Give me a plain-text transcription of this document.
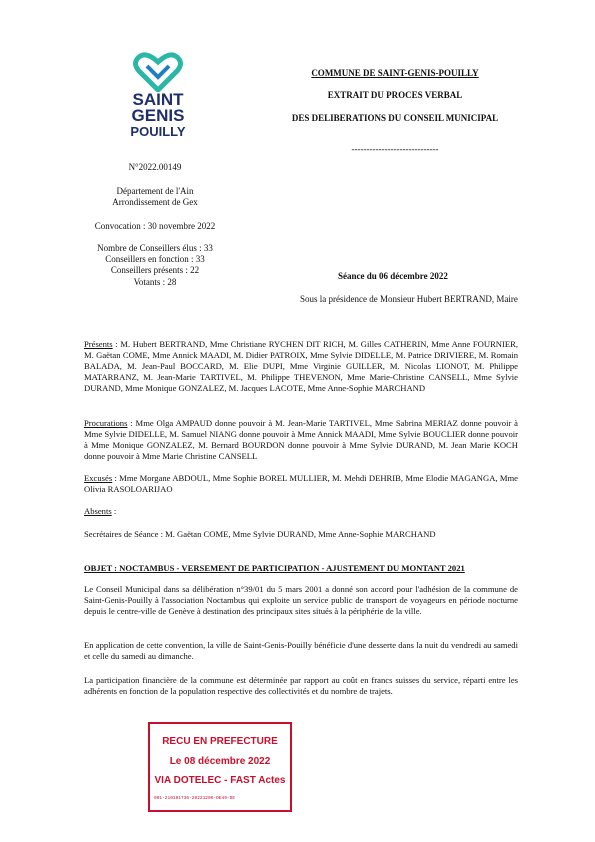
SAINT
GENIS
POUILLY
COMMUNE DE SAINT-GENIS-POUILLY
EXTRAIT DU PROCES VERBAL
DES DELIBERATIONS DU CONSEIL MUNICIPAL
-----------------------------
N°2022.00149
Département de l'Ain
Arrondissement de Gex
Convocation : 30 novembre 2022
Nombre de Conseillers élus : 33
Conseillers en fonction : 33
Conseillers présents : 22
Votants : 28
Séance du 06 décembre 2022
Sous la présidence de Monsieur Hubert BERTRAND, Maire
Présents : M. Hubert BERTRAND, Mme Christiane RYCHEN DIT RICH, M. Gilles CATHERIN, Mme Anne FOURNIER, M. Gaëtan COME, Mme Annick MAADI, M. Didier PATROIX, Mme Sylvie DIDELLE, M. Patrice DRIVIERE, M. Romain BALADA, M. Jean-Paul BOCCARD, M. Elie DUPI, Mme Virginie GUILLER, M. Nicolas LIONOT, M. Philippe MATARRANZ, M. Jean-Marie TARTIVEL, M. Philippe THEVENON, Mme Marie-Christine CANSELL, Mme Sylvie DURAND, Mme Monique GONZALEZ, M. Jacques LACOTE, Mme Anne-Sophie MARCHAND
Procurations : Mme Olga AMPAUD donne pouvoir à M. Jean-Marie TARTIVEL, Mme Sabrina MERIAZ donne pouvoir à Mme Sylvie DIDELLE, M. Samuel NIANG donne pouvoir à Mme Annick MAADI, Mme Sylvie BOUCLIER donne pouvoir à Mme Monique GONZALEZ, M. Bernard BOURDON donne pouvoir à Mme Sylvie DURAND, M. Jean Marie KOCH donne pouvoir à Mme Marie Christine CANSELL
Excusés : Mme Morgane ABDOUL, Mme Sophie BOREL MULLIER, M. Mehdi DEHRIB, Mme Elodie MAGANGA, Mme Olivia RASOLOARIJAO
Absents :
Secrétaires de Séance : M. Gaëtan COME, Mme Sylvie DURAND, Mme Anne-Sophie MARCHAND
OBJET : NOCTAMBUS - VERSEMENT DE PARTICIPATION - AJUSTEMENT DU MONTANT 2021
Le Conseil Municipal dans sa délibération n°39/01 du 5 mars 2001 a donné son accord pour l'adhésion de la commune de Saint-Genis-Pouilly à l'association Noctambus qui exploite un service public de transport de voyageurs en période nocturne depuis le centre-ville de Genève à destination des principaux sites situés à la périphérie de la ville.
En application de cette convention, la ville de Saint-Genis-Pouilly bénéficie d'une desserte dans la nuit du vendredi au samedi et celle du samedi au dimanche.
La participation financière de la commune est déterminée par rapport au coût en francs suisses du service, réparti entre les adhérents en fonction de la population respective des collectivités et du nombre de trajets.
RECU EN PREFECTURE
Le 08 décembre 2022
VIA DOTELEC - FAST Actes
001-210101736-20221206-DE49-DE
